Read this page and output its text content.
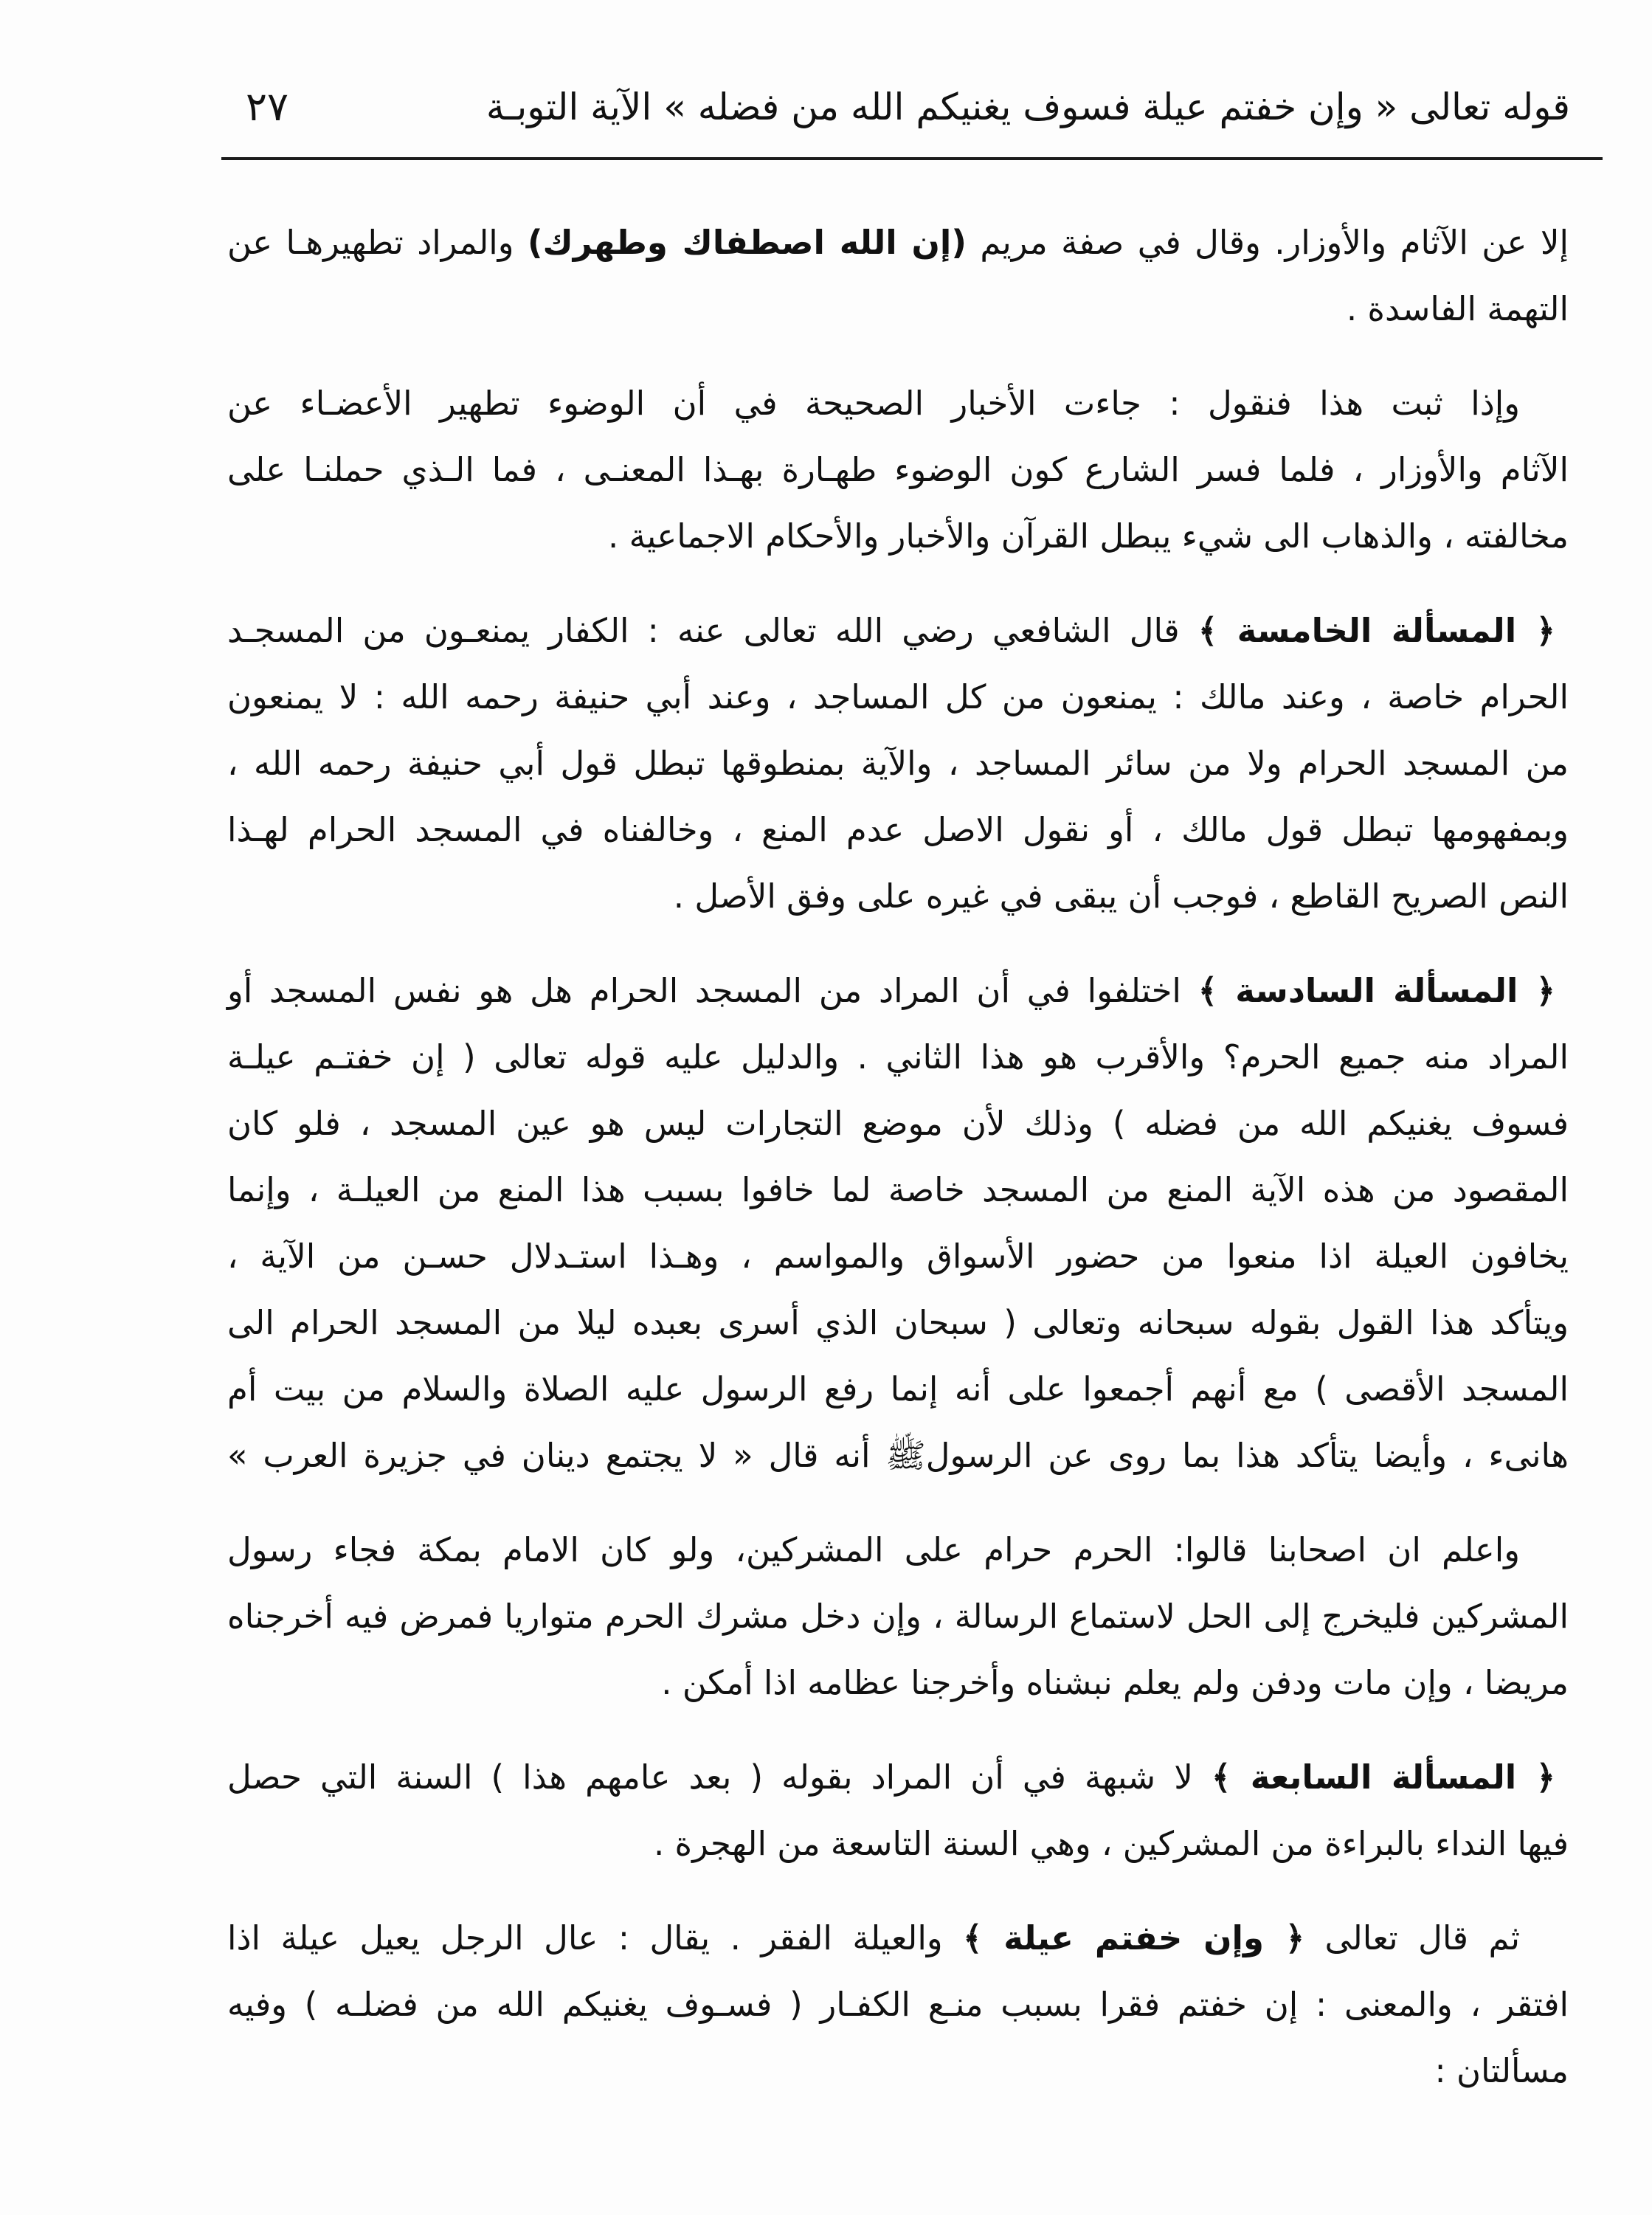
٢٧	قوله تعالى « وإن خفتم عيلة فسوف يغنيكم الله من فضله » الآية التوبـة
إلا عن الآثام والأوزار. وقال في صفة مريم (إن الله اصطفاك وطهرك) والمراد تطهيرهـا عن
التهمة الفاسدة .
وإذا ثبت هذا فنقول : جاءت الأخبار الصحيحة في أن الوضوء تطهير الأعضـاء عن
الآثام والأوزار ، فلما فسر الشارع كون الوضوء طهـارة بهـذا المعنـى ، فما الـذي حملنـا على
مخالفته ، والذهاب الى شيء يبطل القرآن والأخبار والأحكام الاجماعية .
﴿ المسألة الخامسة ﴾ قال الشافعي رضي الله تعالى عنه : الكفار يمنعـون من المسجـد
الحرام خاصة ، وعند مالك : يمنعون من كل المساجد ، وعند أبي حنيفة رحمه الله : لا يمنعون
من المسجد الحرام ولا من سائر المساجد ، والآية بمنطوقها تبطل قول أبي حنيفة رحمه الله ،
وبمفهومها تبطل قول مالك ، أو نقول الاصل عدم المنع ، وخالفناه في المسجد الحرام لهـذا
النص الصريح القاطع ، فوجب أن يبقى في غيره على وفق الأصل .
﴿ المسألة السادسة ﴾ اختلفوا في أن المراد من المسجد الحرام هل هو نفس المسجد أو
المراد منه جميع الحرم؟ والأقرب هو هذا الثاني . والدليل عليه قوله تعالى ( إن خفتـم عيلـة
فسوف يغنيكم الله من فضله ) وذلك لأن موضع التجارات ليس هو عين المسجد ، فلو كان
المقصود من هذه الآية المنع من المسجد خاصة لما خافوا بسبب هذا المنع من العيلـة ، وإنما
يخافون العيلة اذا منعوا من حضور الأسواق والمواسم ، وهـذا استـدلال حسـن من الآية ،
ويتأكد هذا القول بقوله سبحانه وتعالى ( سبحان الذي أسرى بعبده ليلا من المسجد الحرام الى
المسجد الأقصى ) مع أنهم أجمعوا على أنه إنما رفع الرسول عليه الصلاة والسلام من بيت أم
هانىء ، وأيضا يتأكد هذا بما روى عن الرسولﷺ أنه قال « لا يجتمع دينان في جزيرة العرب »
واعلم ان اصحابنا قالوا: الحرم حرام على المشركين، ولو كان الامام بمكة فجاء رسول
المشركين فليخرج إلى الحل لاستماع الرسالة ، وإن دخل مشرك الحرم متواريا فمرض فيه أخرجناه
مريضا ، وإن مات ودفن ولم يعلم نبشناه وأخرجنا عظامه اذا أمكن .
﴿ المسألة السابعة ﴾ لا شبهة في أن المراد بقوله ( بعد عامهم هذا ) السنة التي حصل
فيها النداء بالبراءة من المشركين ، وهي السنة التاسعة من الهجرة .
ثم قال تعالى ﴿ وإن خفتم عيلة ﴾ والعيلة الفقر . يقال : عال الرجل يعيل عيلة اذا
افتقر ، والمعنى : إن خفتم فقرا بسبب منـع الكفـار ( فسـوف يغنيكم الله من فضلـه ) وفيه
مسألتان :
